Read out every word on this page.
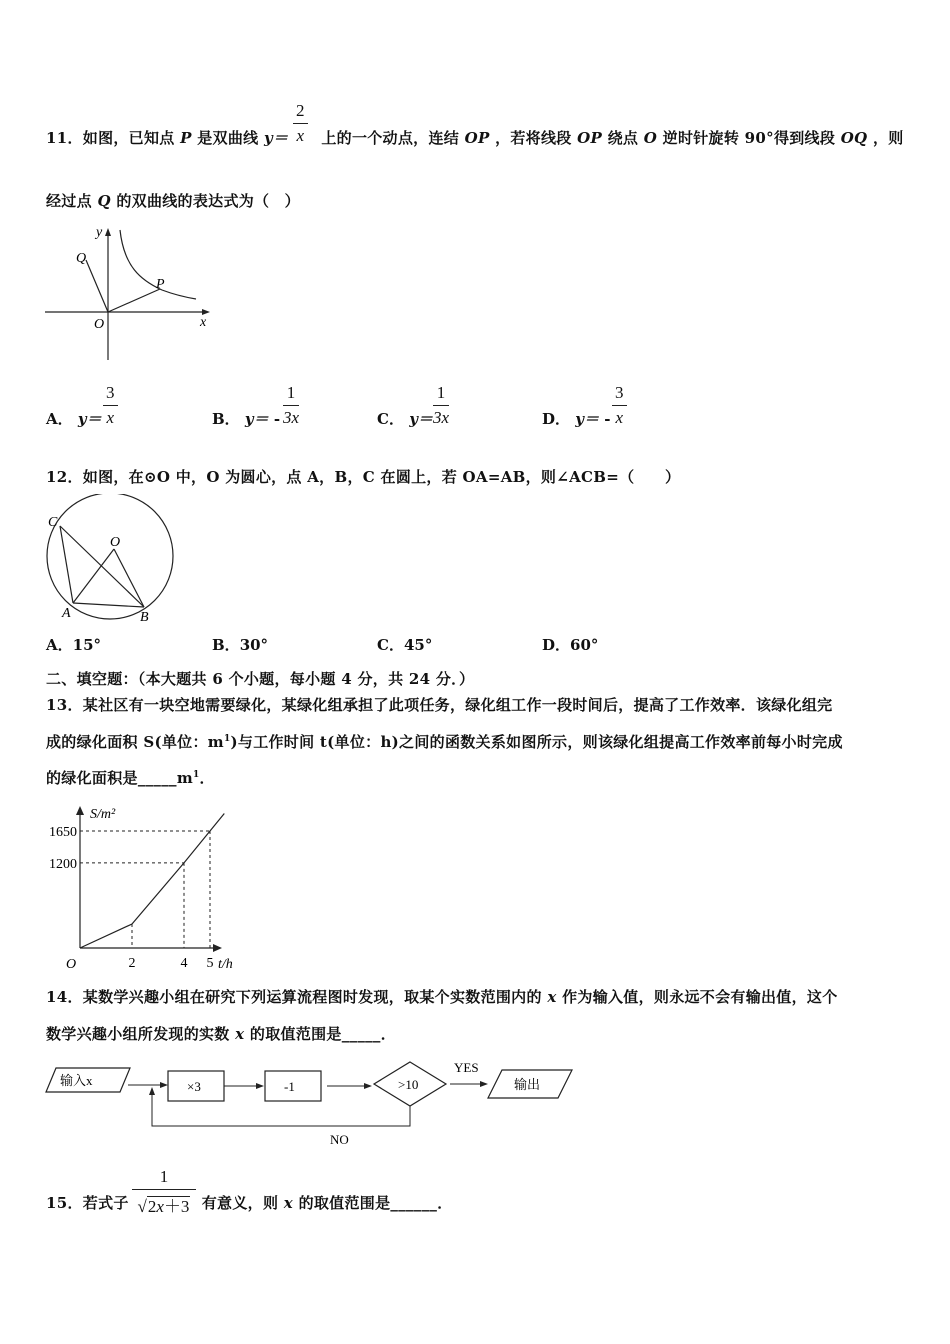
11．如图，已知点 P 是双曲线 y＝ 上的一个动点，连结 OP ，若将线段 OP 绕点 O 逆时针旋转 90°得到线段 OQ ，则
$\frac{2}{x}$
经过点 Q 的双曲线的表达式为（　）
y
x
O
Q
P
A． $y= \frac{3}{x}$	B． $y= - \frac{1}{3x}$	C． $y= \frac{1}{3x}$	D． $y= - \frac{3}{x}$
12．如图，在⊙O 中，O 为圆心，点 A，B，C 在圆上，若 OA=AB，则∠ACB=（　　）
C
O
A	B
A．15°	B．30°	C．45°	D．60°
二、填空题：（本大题共 6 个小题，每小题 4 分，共 24 分．）
13．某社区有一块空地需要绿化，某绿化组承担了此项任务，绿化组工作一段时间后，提高了工作效率．该绿化组完
成的绿化面积 S(单位：$m^1$)与工作时间 t(单位：h)之间的函数关系如图所示，则该绿化组提高工作效率前每小时完成
的绿化面积是$\_\_\_\_\_m^1$．
S/m²
t/h
O
1650
1200
2	4 5
14．某数学兴趣小组在研究下列运算流程图时发现，取某个实数范围内的 x 作为输入值，则永远不会有输出值，这个
数学兴趣小组所发现的实数 x 的取值范围是_____．
输入x	×3	-1	>10
YES
输出
NO
15．若式子	有意义，则 x 的取值范围是______．
1
√2x＋3
